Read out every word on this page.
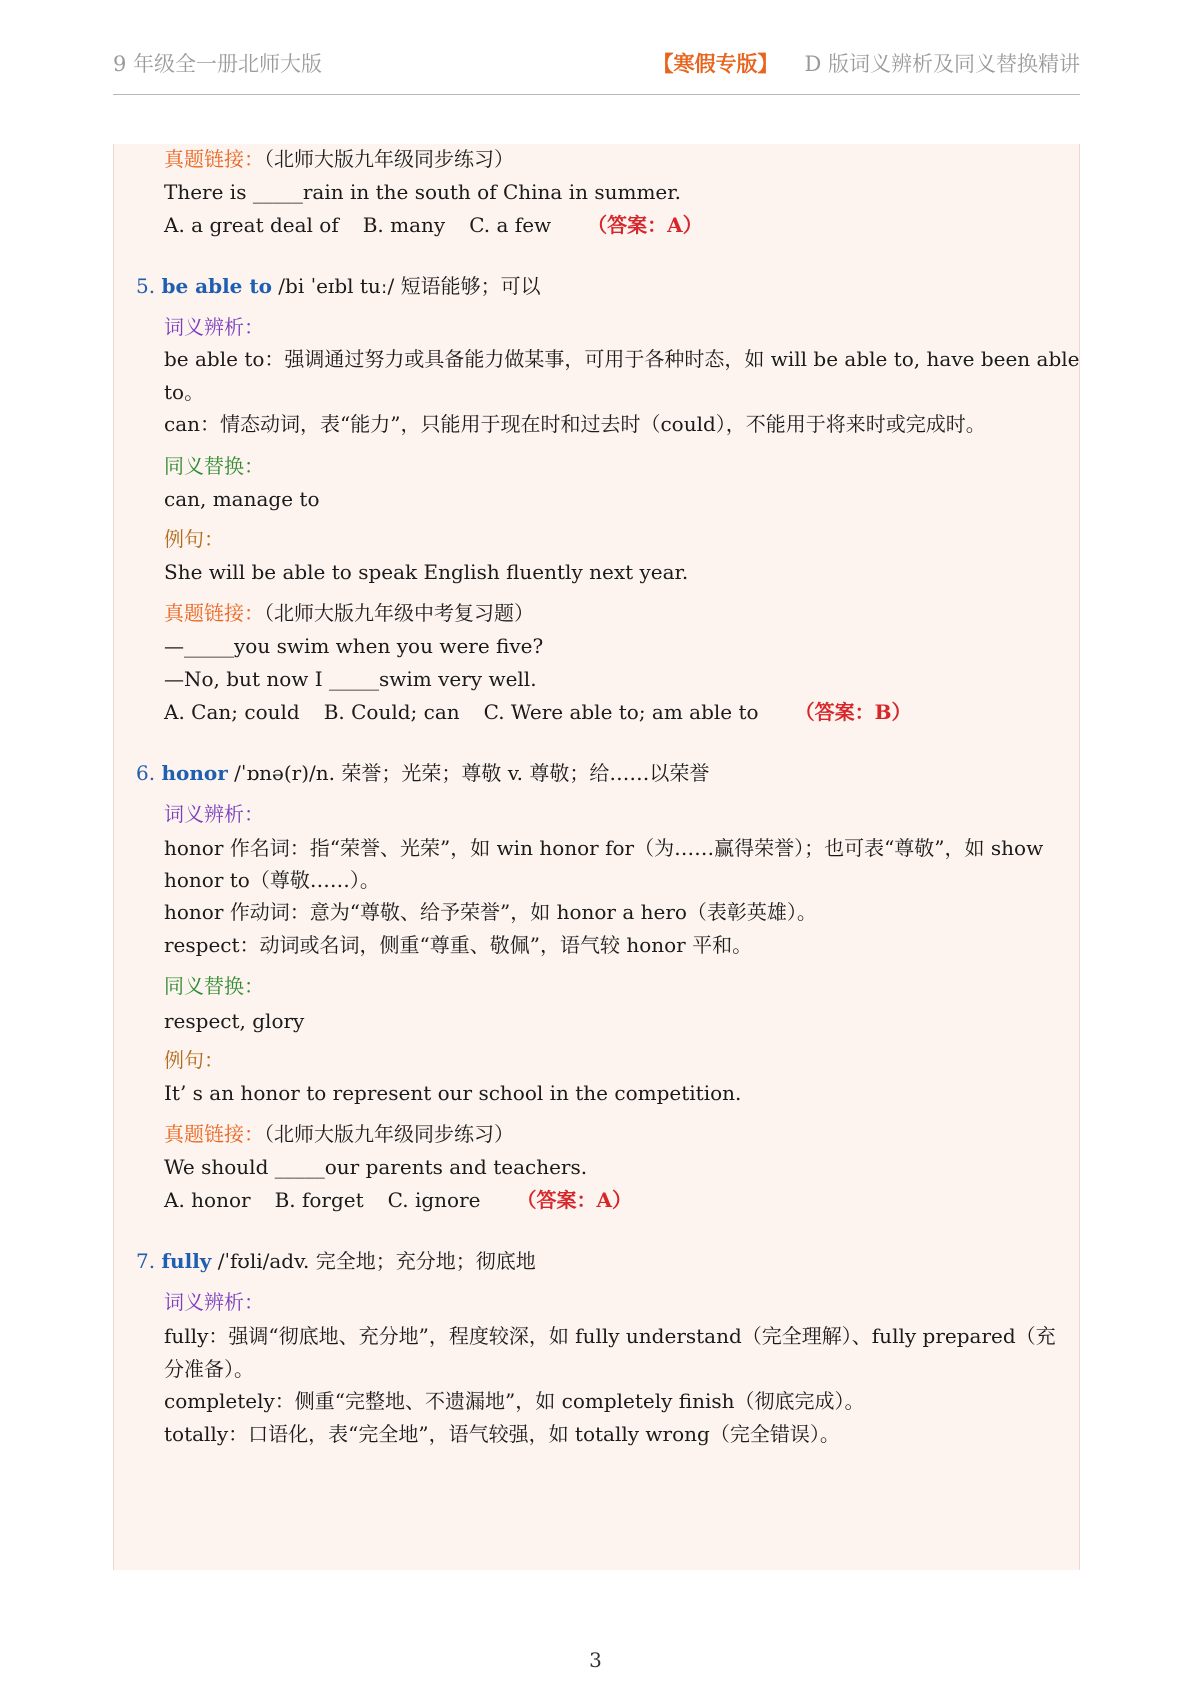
9 年级全一册北师大版	【寒假专版】 D 版词义辨析及同义替换精讲
真题链接：（北师大版九年级同步练习）
There is _____rain in the south of China in summer.
A. a great deal of B. many C. a few （答案：A）
5. be able to /bi ˈeɪbl tuː/ 短语能够；可以
词义辨析：
be able to：强调通过努力或具备能力做某事，可用于各种时态，如 will be able to, have been able
to。
can：情态动词，表“能力”，只能用于现在时和过去时（could），不能用于将来时或完成时。
同义替换：
can, manage to
例句：
She will be able to speak English fluently next year.
真题链接：（北师大版九年级中考复习题）
—_____you swim when you were five?
—No, but now I _____swim very well.
A. Can; could B. Could; can C. Were able to; am able to （答案：B）
6. honor /ˈɒnə(r)/n. 荣誉；光荣；尊敬 v. 尊敬；给……以荣誉
词义辨析：
honor 作名词：指“荣誉、光荣”，如 win honor for（为……赢得荣誉）；也可表“尊敬”，如 show
honor to（尊敬……）。
honor 作动词：意为“尊敬、给予荣誉”，如 honor a hero（表彰英雄）。
respect：动词或名词，侧重“尊重、敬佩”，语气较 honor 平和。
同义替换：
respect, glory
例句：
It’ s an honor to represent our school in the competition.
真题链接：（北师大版九年级同步练习）
We should _____our parents and teachers.
A. honor B. forget C. ignore （答案：A）
7. fully /ˈfʊli/adv. 完全地；充分地；彻底地
词义辨析：
fully：强调“彻底地、充分地”，程度较深，如 fully understand（完全理解）、fully prepared（充
分准备）。
completely：侧重“完整地、不遗漏地”，如 completely finish（彻底完成）。
totally：口语化，表“完全地”，语气较强，如 totally wrong（完全错误）。
3
